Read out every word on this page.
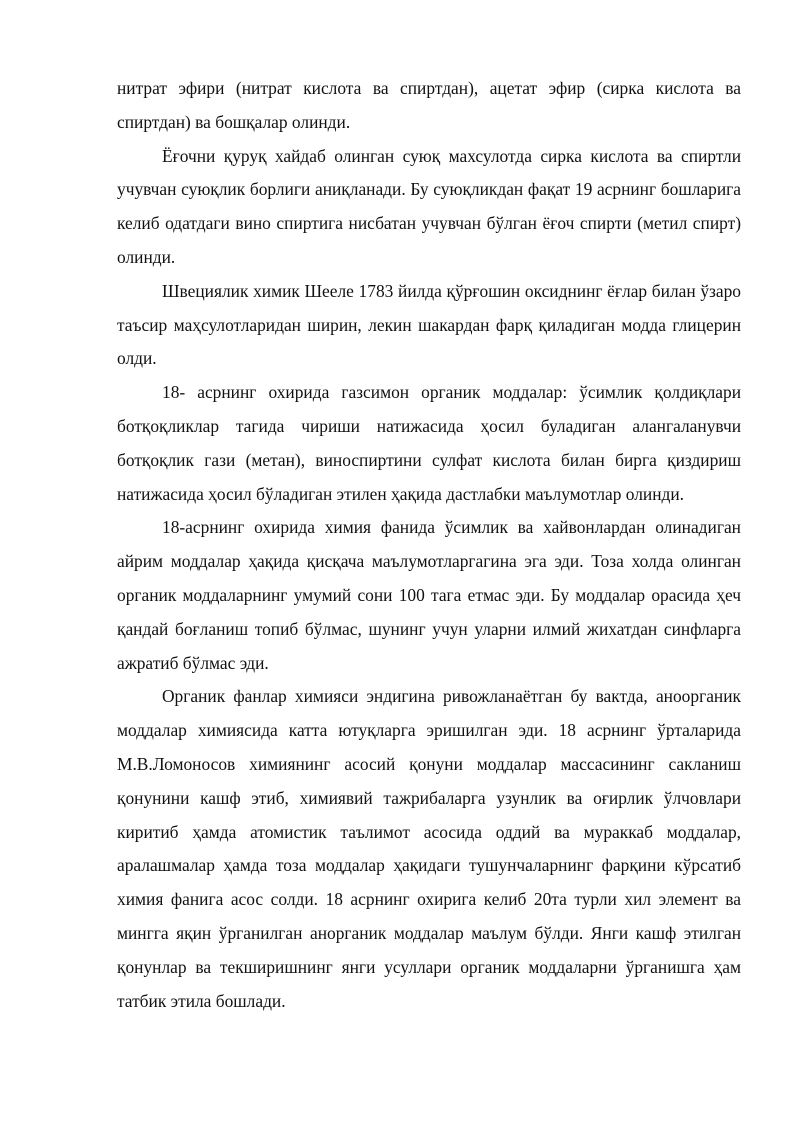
нитрат эфири (нитрат кислота ва спиртдан), ацетат эфир (сирка кислота ва спиртдан) ва бошқалар олинди.

Ёғочни қуруқ хайдаб олинган суюқ махсулотда сирка кислота ва спиртли учувчан суюқлик борлиги аниқланади. Бу суюқликдан фақат 19 асрнинг бошларига келиб одатдаги вино спиртига нисбатан учувчан бўлган ёғоч спирти (метил спирт) олинди.

Швециялик химик Шееле 1783 йилда қўрғошин оксиднинг ёғлар билан ўзаро таъсир маҳсулотларидан ширин, лекин шакардан фарқ қиладиган модда глицерин олди.

18- асрнинг охирида газсимон органик моддалар: ўсимлик қолдиқлари ботқоқликлар тагида чириши натижасида ҳосил буладиган алангаланувчи ботқоқлик гази (метан), виноспиртини сулфат кислота билан бирга қиздириш натижасида ҳосил бўладиган этилен ҳақида дастлабки маълумотлар олинди.

18-асрнинг охирида химия фанида ўсимлик ва хайвонлардан олинадиган айрим моддалар ҳақида қисқача маълумотларгагина эга эди. Тоза холда олинган органик моддаларнинг умумий сони 100 тага етмас эди. Бу моддалар орасида ҳеч қандай боғланиш топиб бўлмас, шунинг учун уларни илмий жихатдан синфларга ажратиб бўлмас эди.

Органик фанлар химияси эндигина ривожланаётган бу вактда, аноорганик моддалар химиясида катта ютуқларга эришилган эди. 18 асрнинг ўрталарида М.В.Ломоносов химиянинг асосий қонуни моддалар массасининг сакланиш қонунини кашф этиб, химиявий тажрибаларга узунлик ва оғирлик ўлчовлари киритиб ҳамда атомистик таълимот асосида оддий ва мураккаб моддалар, аралашмалар ҳамда тоза моддалар ҳақидаги тушунчаларнинг фарқини кўрсатиб химия фанига асос солди. 18 асрнинг охирига келиб 20та турли хил элемент ва мингга яқин ўрганилган анорганик моддалар маълум бўлди. Янги кашф этилган қонунлар ва текширишнинг янги усуллари органик моддаларни ўрганишга ҳам татбик этила бошлади.
